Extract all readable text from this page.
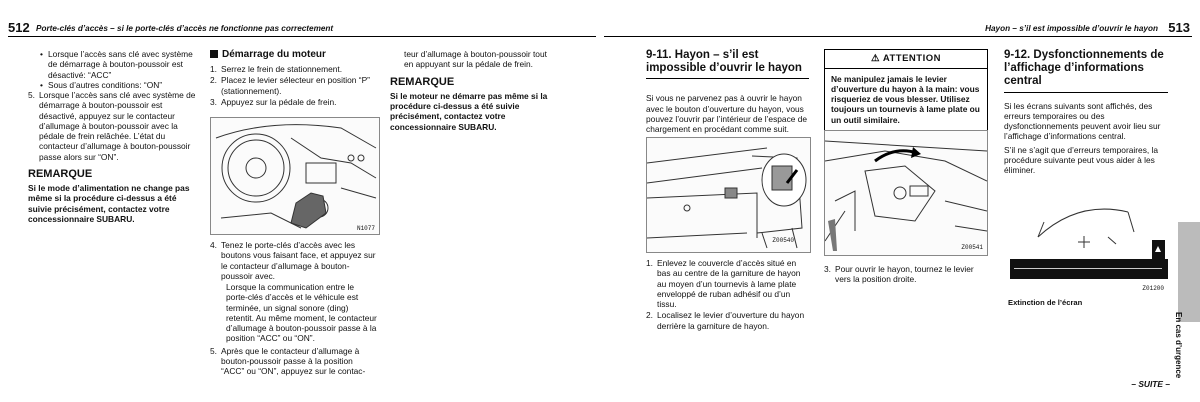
512 Porte-clés d’accès – si le porte-clés d’accès ne fonctionne pas correctement
• Lorsque l’accès sans clé avec système de démarrage à bouton-poussoir est désactivé: “ACC”
• Sous d’autres conditions: “ON”
5. Lorsque l’accès sans clé avec système de démarrage à bouton-poussoir est désactivé, appuyez sur le contacteur d’allumage à bouton-poussoir avec la pédale de frein relâchée. L’état du contacteur d’allumage à bouton-poussoir passe alors sur “ON”.
REMARQUE
Si le mode d’alimentation ne change pas même si la procédure ci-dessus a été suivie précisément, contactez votre concessionnaire SUBARU.
Démarrage du moteur
1. Serrez le frein de stationnement.
2. Placez le levier sélecteur en position “P” (stationnement).
3. Appuyez sur la pédale de frein.
N1077
4. Tenez le porte-clés d’accès avec les boutons vous faisant face, et appuyez sur le contacteur d’allumage à bouton-poussoir avec.
Lorsque la communication entre le porte-clés d’accès et le véhicule est terminée, un signal sonore (ding) retentit. Au même moment, le contacteur d’allumage à bouton-poussoir passe à la position “ACC” ou “ON”.
5. Après que le contacteur d’allumage à bouton-poussoir passe à la position “ACC” ou “ON”, appuyez sur le contac-
teur d’allumage à bouton-poussoir tout en appuyant sur la pédale de frein.
REMARQUE
Si le moteur ne démarre pas même si la procédure ci-dessus a été suivie précisément, contactez votre concessionnaire SUBARU.
Hayon – s’il est impossible d’ouvrir le hayon 513
9-11. Hayon – s’il est impossible d’ouvrir le hayon

Si vous ne parvenez pas à ouvrir le hayon avec le bouton d’ouverture du hayon, vous pouvez l’ouvrir par l’intérieur de l’espace de chargement en procédant comme suit.

Z00540
1. Enlevez le couvercle d’accès situé en bas au centre de la garniture de hayon au moyen d’un tournevis à lame plate enveloppé de ruban adhésif ou d’un tissu.
2. Localisez le levier d’ouverture du hayon derrière la garniture de hayon.
⚠ ATTENTION
Ne manipulez jamais le levier d’ouverture du hayon à la main: vous risqueriez de vous blesser. Utilisez toujours un tournevis à lame plate ou un outil similaire.
Z00541
3. Pour ouvrir le hayon, tournez le levier vers la position droite.
9-12. Dysfonctionnements de l’affichage d’informations central

Si les écrans suivants sont affichés, des erreurs temporaires ou des dysfonctionnements peuvent avoir lieu sur l’affichage d’informations central.

S’il ne s’agit que d’erreurs temporaires, la procédure suivante peut vous aider à les éliminer.

Z01200
Extinction de l’écran
En cas d’urgence
– SUITE –
